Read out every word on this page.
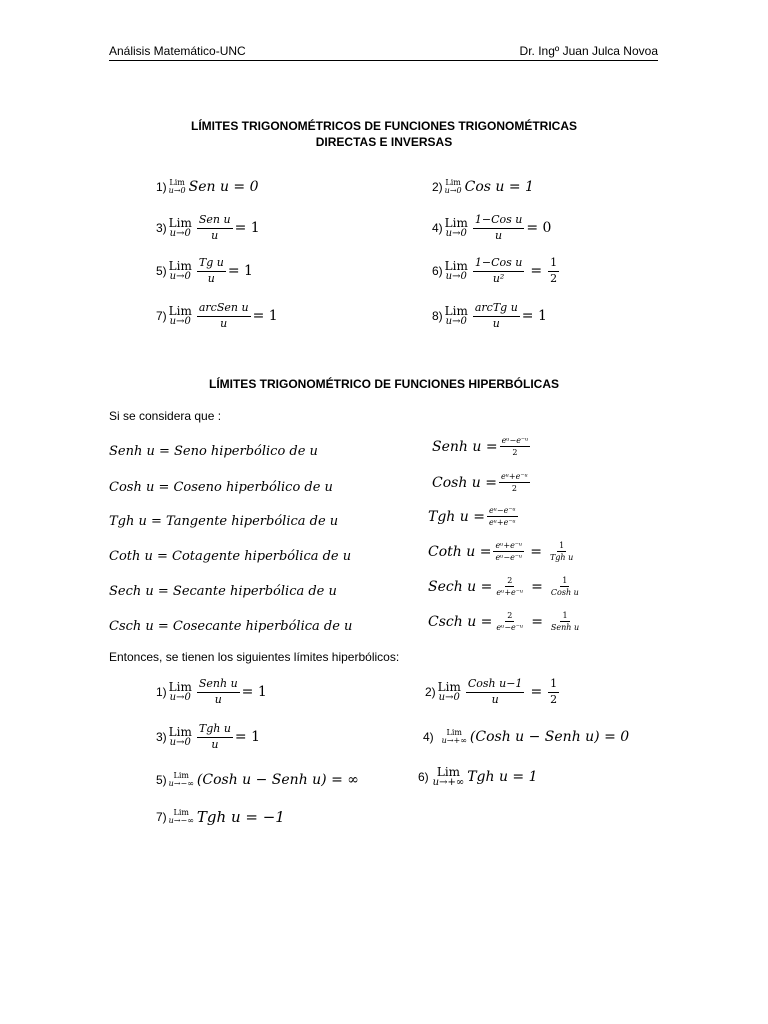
Análisis Matemático-UNC	Dr. Ingº Juan Julca Novoa

LÍMITES TRIGONOMÉTRICOS DE FUNCIONES TRIGONOMÉTRICAS
DIRECTAS E INVERSAS
1) Lim
u→0 Sen u = 0	2) Lim
u→0 Cos u = 1
3) Lim
u→0
Sen u
u = 1	4) Lim
u→0
1−Cos u
u = 0
5) Lim
$u\to 0 \frac{\text{Tg u}}{u} = 1$	6) Lim
u→0
1−Cos u
$u^2 = \frac{1}{2}$
7) Lim
u→0
arcSen u
u = 1	8) Lim
u→0
arcTg u
u = 1
LÍMITES TRIGONOMÉTRICO DE FUNCIONES HIPERBÓLICAS
Si se considera que :
Senh u = Seno hiperbólico de u	Senh $u = \frac{\text{eᵘ−e⁻ᵘ}}{2}$
Cosh u = Coseno hiperbólico de u	Cosh $u = \frac{\text{eᵘ+e⁻ᵘ}}{2}$
Tgh u = Tangente hiperbólica de u	Tgh $u = \frac{\text{eᵘ−e⁻ᵘ}}{\text{eᵘ+e⁻ᵘ}}$
Coth u = Cotagente hiperbólica de u	Coth $u = \frac{\text{eᵘ+e⁻ᵘ}}{\text{eᵘ−e⁻ᵘ}} = 1$
Tgh u
Sech u = Secante hiperbólica de u	Sech $u = \frac{2}{\text{eᵘ+e⁻ᵘ}} = 1$
Cosh u
Csch u = Cosecante hiperbólica de u	Csch $u = \frac{2}{\text{eᵘ−e⁻ᵘ}} = 1$
Senh u
Entonces, se tienen los siguientes límites hiperbólicos:
1) Lim
u→0
Senh u
u = 1	2) Lim
u→0
Cosh u−1
$u = \frac{1}{2}$
3) Lim
u→0
Tgh u
u = 1	4) Lim
u→+∞ (Cosh u − Senh u) = 0
5) Lim
u→−∞ (Cosh u − Senh u) = ∞	6) Lim
u→+∞ Tgh u = 1
7) Lim
u→−∞ Tgh u = −1
